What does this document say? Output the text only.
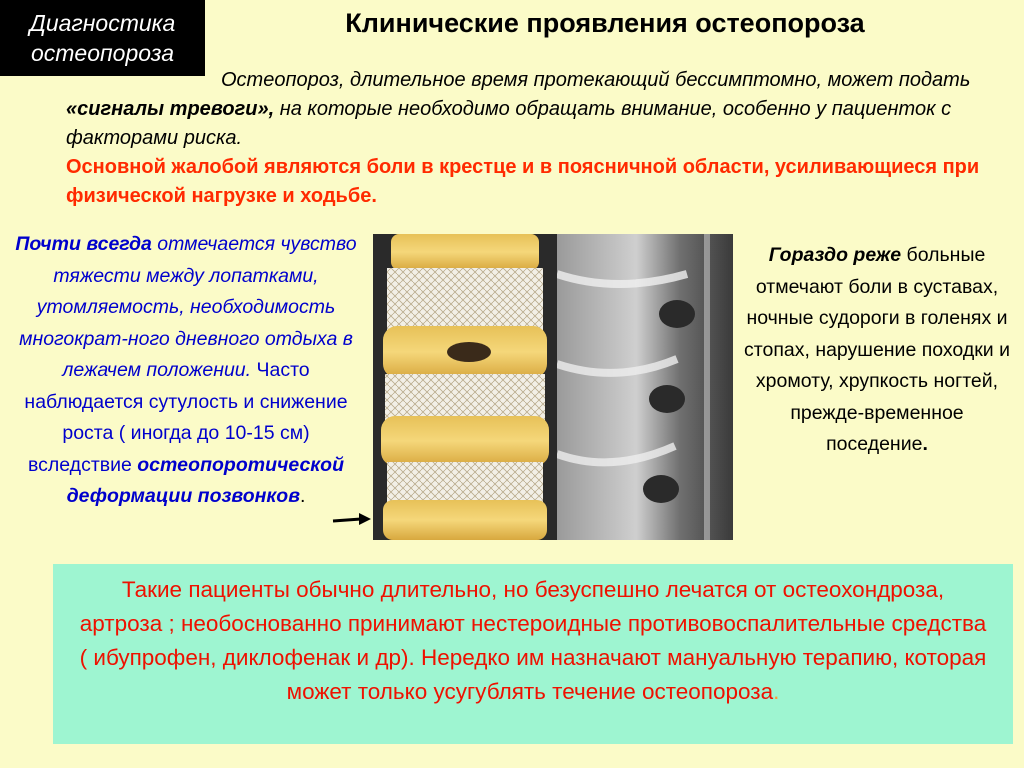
Диагностика
остеопороза
Клинические проявления остеопороза
Остеопороз, длительное время протекающий бессимптомно, может подать «сигналы тревоги», на которые необходимо обращать внимание, особенно у пациенток с факторами риска.
Основной жалобой являются боли в крестце и в поясничной области, усиливающиеся при физической нагрузке и ходьбе.
Почти всегда отмечается чувство тяжести между лопатками, утомляемость, необходимость многократ-ного дневного отдыха в лежачем положении. Часто наблюдается сутулость и снижение роста ( иногда до 10-15 см) вследствие остеопоротической деформации позвонков.
Гораздо реже больные отмечают боли в суставах, ночные судороги в голенях и стопах, нарушение походки и хромоту, хрупкость ногтей, прежде-временное поседение.
Такие пациенты обычно длительно, но безуспешно лечатся от остеохондроза, артроза ; необоснованно принимают нестероидные противовоспалительные средства ( ибупрофен, диклофенак и др). Нередко им назначают мануальную терапию, которая может только усугублять течение остеопороза.
